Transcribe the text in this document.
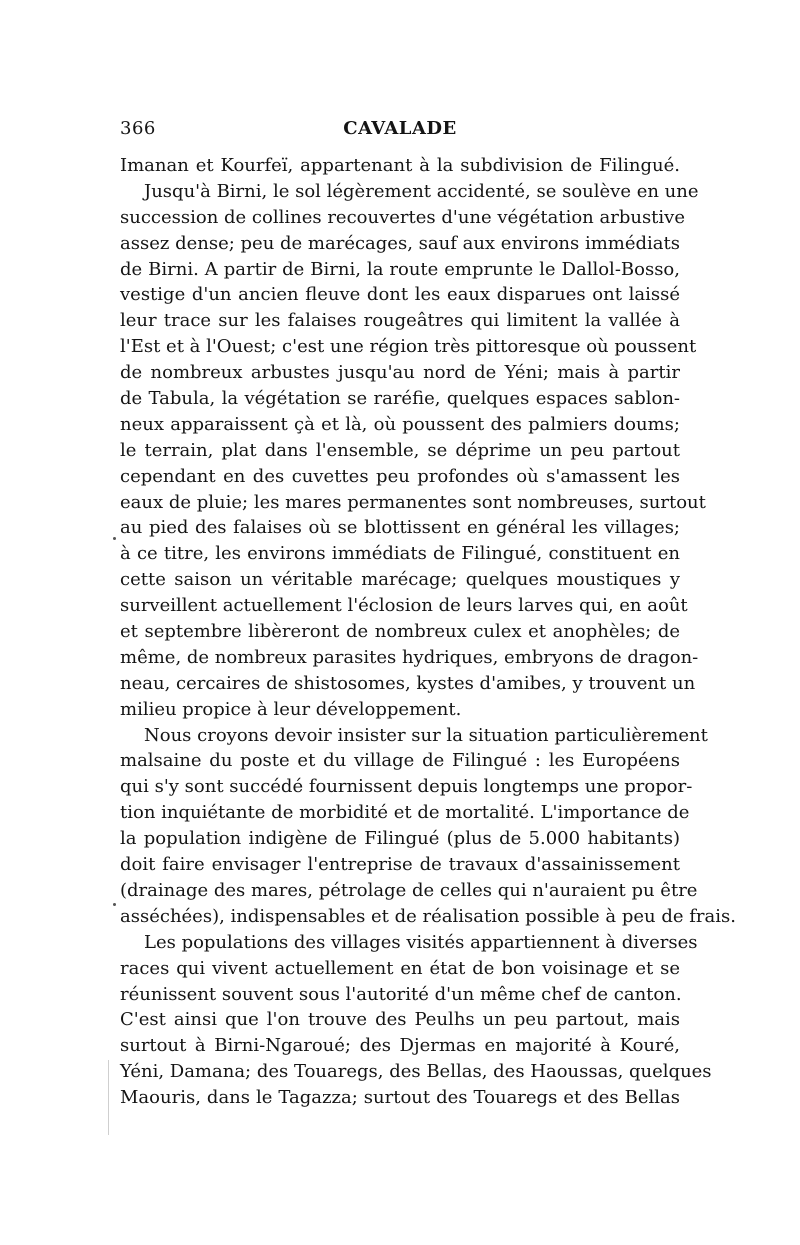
366	CAVALADE
Imanan et Kourfeï, appartenant à la subdivision de Filingué.
Jusqu'à Birni, le sol légèrement accidenté, se soulève en une
succession de collines recouvertes d'une végétation arbustive
assez dense; peu de marécages, sauf aux environs immédiats
de Birni. A partir de Birni, la route emprunte le Dallol-Bosso,
vestige d'un ancien fleuve dont les eaux disparues ont laissé
leur trace sur les falaises rougeâtres qui limitent la vallée à
l'Est et à l'Ouest; c'est une région très pittoresque où poussent
de nombreux arbustes jusqu'au nord de Yéni; mais à partir
de Tabula, la végétation se raréfie, quelques espaces sablon-
neux apparaissent çà et là, où poussent des palmiers doums;
le terrain, plat dans l'ensemble, se déprime un peu partout
cependant en des cuvettes peu profondes où s'amassent les
eaux de pluie; les mares permanentes sont nombreuses, surtout
au pied des falaises où se blottissent en général les villages;
à ce titre, les environs immédiats de Filingué, constituent en
cette saison un véritable marécage; quelques moustiques y
surveillent actuellement l'éclosion de leurs larves qui, en août
et septembre libèreront de nombreux culex et anophèles; de
même, de nombreux parasites hydriques, embryons de dragon-
neau, cercaires de shistosomes, kystes d'amibes, y trouvent un
milieu propice à leur développement.
Nous croyons devoir insister sur la situation particulièrement
malsaine du poste et du village de Filingué : les Européens
qui s'y sont succédé fournissent depuis longtemps une propor-
tion inquiétante de morbidité et de mortalité. L'importance de
la population indigène de Filingué (plus de 5.000 habitants)
doit faire envisager l'entreprise de travaux d'assainissement
(drainage des mares, pétrolage de celles qui n'auraient pu être
asséchées), indispensables et de réalisation possible à peu de frais.
Les populations des villages visités appartiennent à diverses
races qui vivent actuellement en état de bon voisinage et se
réunissent souvent sous l'autorité d'un même chef de canton.
C'est ainsi que l'on trouve des Peulhs un peu partout, mais
surtout à Birni-Ngaroué; des Djermas en majorité à Kouré,
Yéni, Damana; des Touaregs, des Bellas, des Haoussas, quelques
Maouris, dans le Tagazza; surtout des Touaregs et des Bellas
